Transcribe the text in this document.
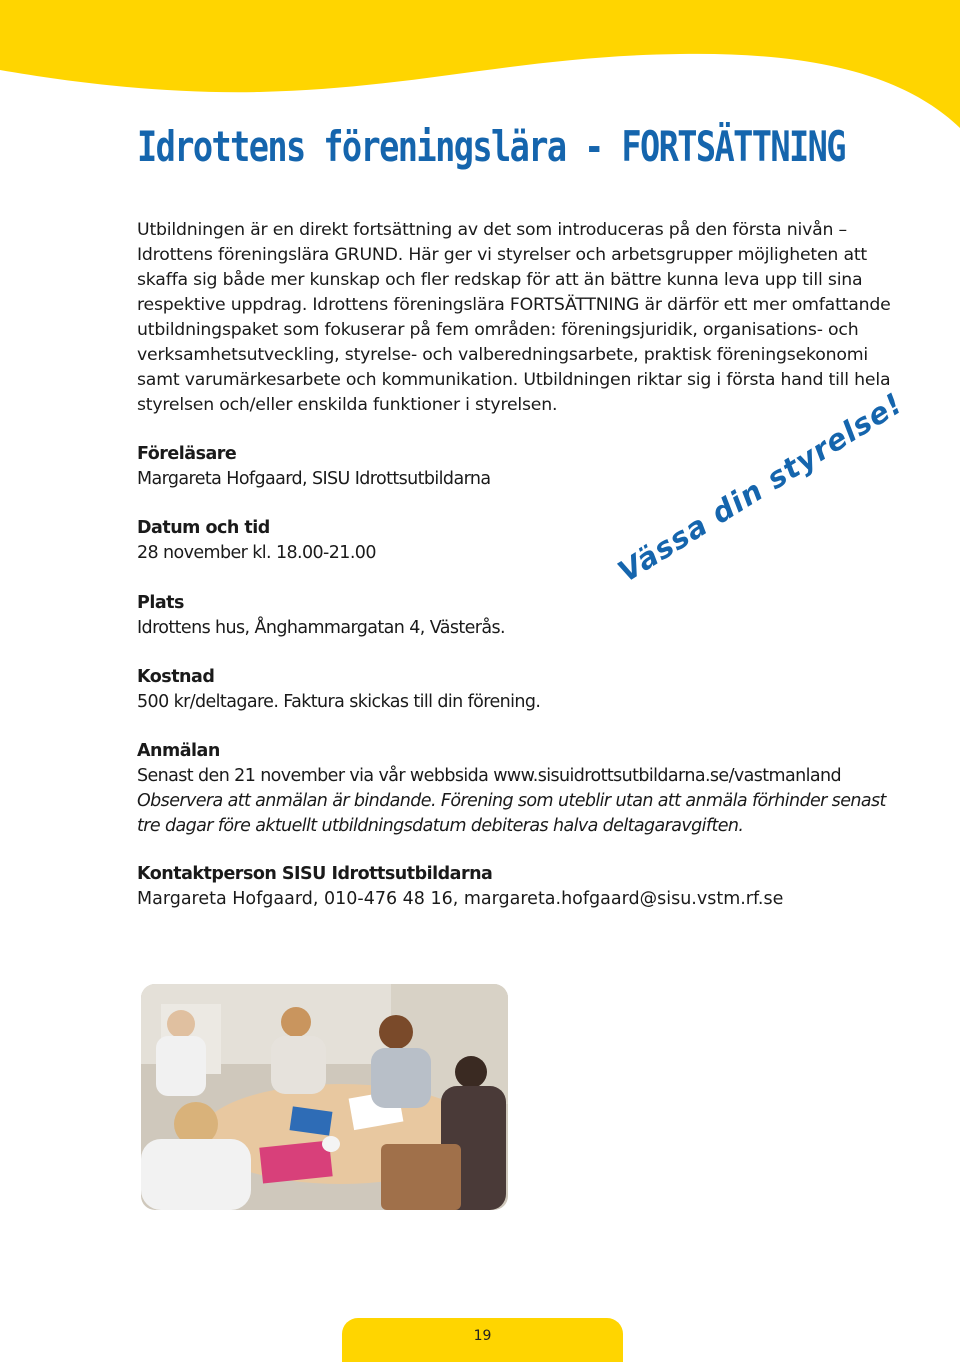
Idrottens föreningslära - FORTSÄTTNING

Utbildningen är en direkt fortsättning av det som introduceras på den första nivån – Idrottens föreningslära GRUND. Här ger vi styrelser och arbetsgrupper möjligheten att skaffa sig både mer kunskap och fler redskap för att än bättre kunna leva upp till sina respektive uppdrag. Idrottens föreningslära FORTSÄTTNING är därför ett mer omfattande utbildningspaket som fokuserar på fem områden: föreningsjuridik, organisations- och verksamhetsutveckling, styrelse- och valberedningsarbete, praktisk föreningsekonomi samt varumärkesarbete och kommunikation. Utbildningen riktar sig i första hand till hela styrelsen och/eller enskilda funktioner i styrelsen.

Föreläsare
Margareta Hofgaard, SISU Idrottsutbildarna
Datum och tid
28 november kl. 18.00-21.00
Plats
Idrottens hus, Ånghammargatan 4, Västerås.
Kostnad
500 kr/deltagare. Faktura skickas till din förening.
Anmälan
Senast den 21 november via vår webbsida www.sisuidrottsutbildarna.se/vastmanland
Observera att anmälan är bindande. Förening som uteblir utan att anmäla förhinder senast tre dagar före aktuellt utbildningsdatum debiteras halva deltagaravgiften.
Kontaktperson SISU Idrottsutbildarna
Margareta Hofgaard, 010-476 48 16, margareta.hofgaard@sisu.vstm.rf.se
Vässa din styrelse!
19
